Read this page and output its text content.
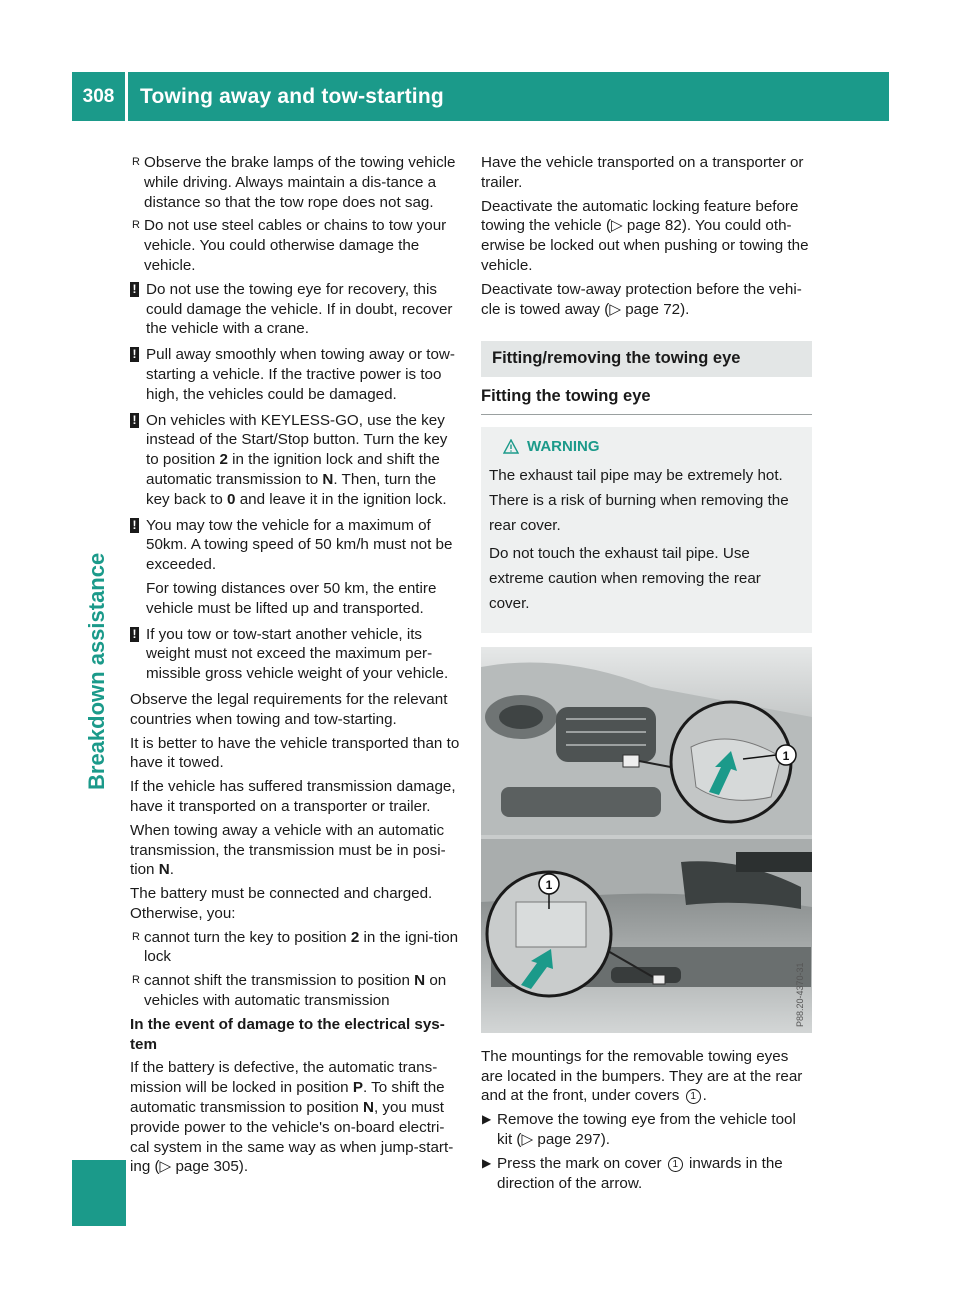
308	Towing away and tow-starting
Breakdown assistance
R Observe the brake lamps of the towing vehicle while driving. Always maintain a dis-tance a distance so that the tow rope does not sag.
R Do not use steel cables or chains to tow your vehicle. You could otherwise damage the vehicle.
! Do not use the towing eye for recovery, this could damage the vehicle. If in doubt, recover the vehicle with a crane.
! Pull away smoothly when towing away or tow-starting a vehicle. If the tractive power is too high, the vehicles could be damaged.
! On vehicles with KEYLESS-GO, use the key instead of the Start/Stop button. Turn the key to position 2 in the ignition lock and shift the automatic transmission to N. Then, turn the key back to 0 and leave it in the ignition lock.
! You may tow the vehicle for a maximum of 50km. A towing speed of 50 km/h must not be exceeded.
For towing distances over 50 km, the entire vehicle must be lifted up and transported.
! If you tow or tow-start another vehicle, its weight must not exceed the maximum per-missible gross vehicle weight of your vehicle.

Observe the legal requirements for the relevant countries when towing and tow-starting.

It is better to have the vehicle transported than to have it towed.

If the vehicle has suffered transmission damage, have it transported on a transporter or trailer.

When towing away a vehicle with an automatic transmission, the transmission must be in posi-tion N.

The battery must be connected and charged. Otherwise, you:

R cannot turn the key to position 2 in the igni-tion lock
R cannot shift the transmission to position N on vehicles with automatic transmission
In the event of damage to the electrical sys-tem

If the battery is defective, the automatic trans-mission will be locked in position P. To shift the automatic transmission to position N, you must provide power to the vehicle's on-board electri-cal system in the same way as when jump-start-ing (▷ page 305).

Have the vehicle transported on a transporter or trailer.

Deactivate the automatic locking feature before towing the vehicle (▷ page 82). You could oth-erwise be locked out when pushing or towing the vehicle.

Deactivate tow-away protection before the vehi-cle is towed away (▷ page 72).

Fitting/removing the towing eye
Fitting the towing eye
WARNING

The exhaust tail pipe may be extremely hot. There is a risk of burning when removing the rear cover.

Do not touch the exhaust tail pipe. Use extreme caution when removing the rear cover.

1
1
P88.20-4370-31

The mountings for the removable towing eyes are located in the bumpers. They are at the rear and at the front, under covers 1 .

▶ Remove the towing eye from the vehicle tool kit (▷ page 297).
▶ Press the mark on cover 1 inwards in the direction of the arrow.
